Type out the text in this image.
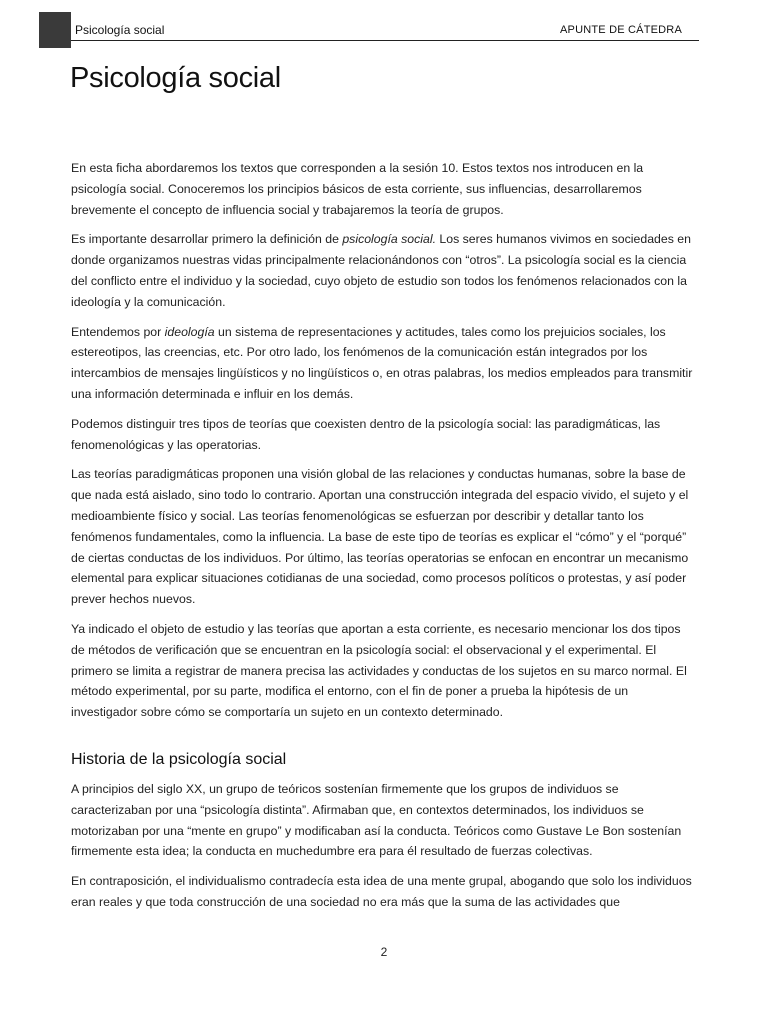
Psicología social	APUNTE DE CÁTEDRA
Psicología social

En esta ficha abordaremos los textos que corresponden a la sesión 10. Estos textos nos introducen en la psicología social. Conoceremos los principios básicos de esta corriente, sus influencias, desarrollaremos brevemente el concepto de influencia social y trabajaremos la teoría de grupos.

Es importante desarrollar primero la definición de psicología social. Los seres humanos vivimos en sociedades en donde organizamos nuestras vidas principalmente relacionándonos con “otros”. La psicología social es la ciencia del conflicto entre el individuo y la sociedad, cuyo objeto de estudio son todos los fenómenos relacionados con la ideología y la comunicación.

Entendemos por ideología un sistema de representaciones y actitudes, tales como los prejuicios sociales, los estereotipos, las creencias, etc. Por otro lado, los fenómenos de la comunicación están integrados por los intercambios de mensajes lingüísticos y no lingüísticos o, en otras palabras, los medios empleados para transmitir una información determinada e influir en los demás.

Podemos distinguir tres tipos de teorías que coexisten dentro de la psicología social: las paradigmáticas, las fenomenológicas y las operatorias.

Las teorías paradigmáticas proponen una visión global de las relaciones y conductas humanas, sobre la base de que nada está aislado, sino todo lo contrario. Aportan una construcción integrada del espacio vivido, el sujeto y el medioambiente físico y social. Las teorías fenomenológicas se esfuerzan por describir y detallar tanto los fenómenos fundamentales, como la influencia. La base de este tipo de teorías es explicar el “cómo” y el “porqué” de ciertas conductas de los individuos. Por último, las teorías operatorias se enfocan en encontrar un mecanismo elemental para explicar situaciones cotidianas de una sociedad, como procesos políticos o protestas, y así poder prever hechos nuevos.

Ya indicado el objeto de estudio y las teorías que aportan a esta corriente, es necesario mencionar los dos tipos de métodos de verificación que se encuentran en la psicología social: el observacional y el experimental. El primero se limita a registrar de manera precisa las actividades y conductas de los sujetos en su marco normal. El método experimental, por su parte, modifica el entorno, con el fin de poner a prueba la hipótesis de un investigador sobre cómo se comportaría un sujeto en un contexto determinado.

Historia de la psicología social

A principios del siglo XX, un grupo de teóricos sostenían firmemente que los grupos de individuos se caracterizaban por una “psicología distinta”. Afirmaban que, en contextos determinados, los individuos se motorizaban por una “mente en grupo” y modificaban así la conducta. Teóricos como Gustave Le Bon sostenían firmemente esta idea; la conducta en muchedumbre era para él resultado de fuerzas colectivas.

En contraposición, el individualismo contradecía esta idea de una mente grupal, abogando que solo los individuos eran reales y que toda construcción de una sociedad no era más que la suma de las actividades que

2
